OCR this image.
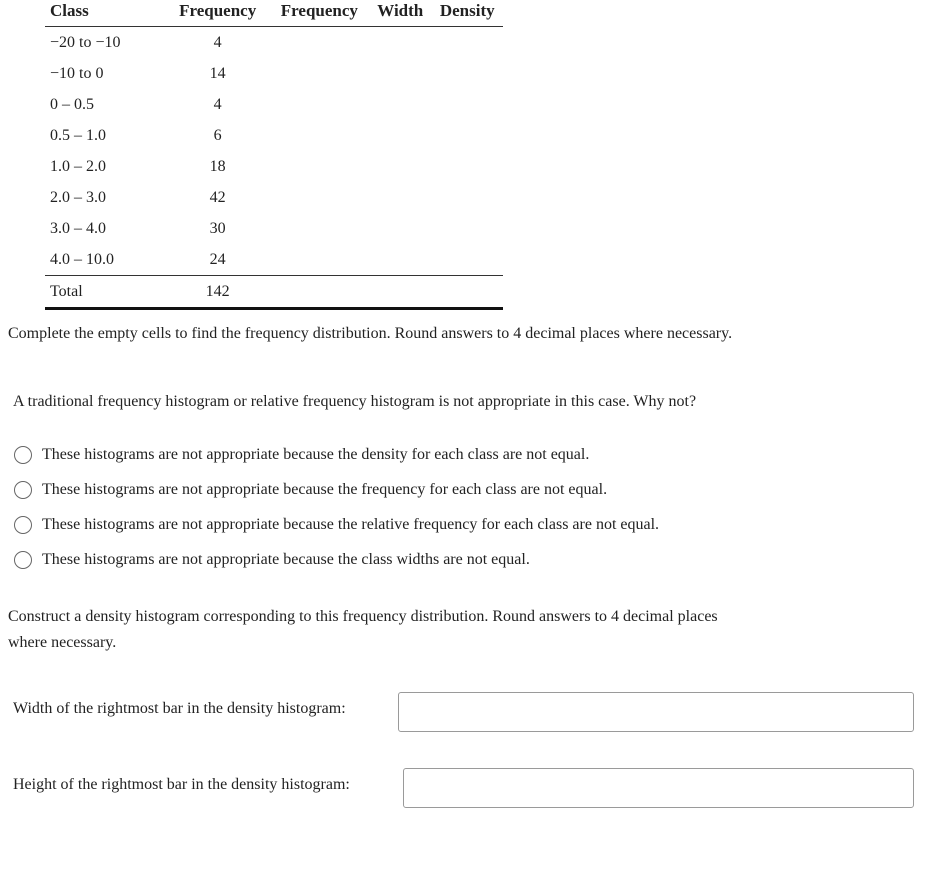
Class	Frequency	Frequency	Width	Density
−20 to −10	4			
−10 to 0	14			
0 – 0.5	4			
0.5 – 1.0	6			
1.0 – 2.0	18			
2.0 – 3.0	42			
3.0 – 4.0	30			
4.0 – 10.0	24			
Total	142			
Complete the empty cells to find the frequency distribution. Round answers to 4 decimal places where necessary.
A traditional frequency histogram or relative frequency histogram is not appropriate in this case. Why not?
These histograms are not appropriate because the density for each class are not equal.
These histograms are not appropriate because the frequency for each class are not equal.
These histograms are not appropriate because the relative frequency for each class are not equal.
These histograms are not appropriate because the class widths are not equal.
Construct a density histogram corresponding to this frequency distribution. Round answers to 4 decimal places
where necessary.
Width of the rightmost bar in the density histogram:
Height of the rightmost bar in the density histogram:
